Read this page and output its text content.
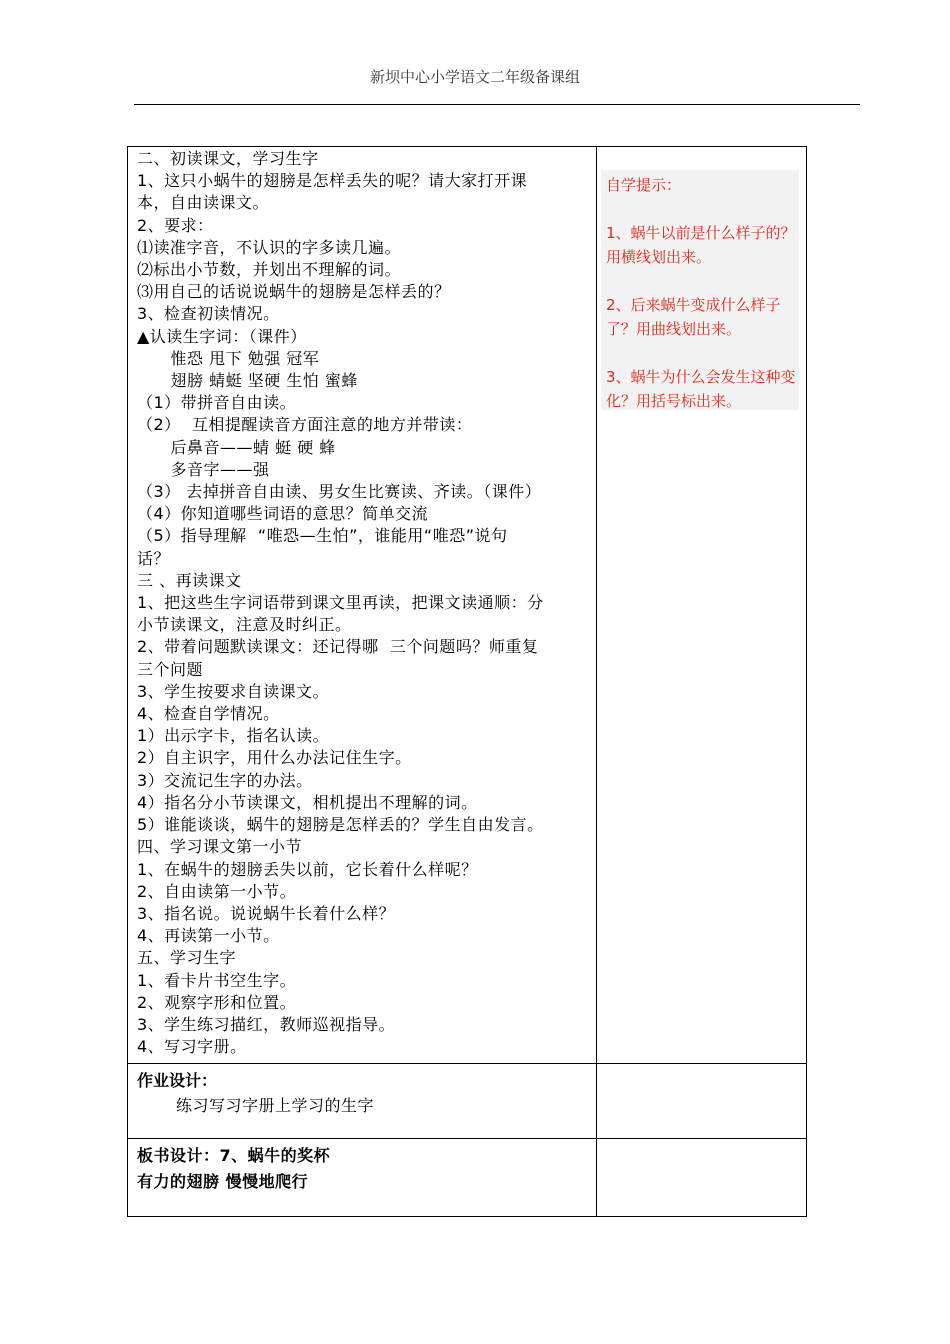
新坝中心小学语文二年级备课组

二、初读课文，学习生字

1、这只小蜗牛的翅膀是怎样丢失的呢？请大家打开课

本，自由读课文。

2、要求：

⑴读准字音，不认识的字多读几遍。

⑵标出小节数，并划出不理解的词。

⑶用自己的话说说蜗牛的翅膀是怎样丢的？

3、检查初读情况。

▲认读生字词：（课件）

惟恐 甩下 勉强 冠军

翅膀 蜻蜓 坚硬 生怕 蜜蜂

（1）带拼音自由读。

（2）  互相提醒读音方面注意的地方并带读：

后鼻音——蜻 蜓 硬 蜂

多音字——强

（3） 去掉拼音自由读、男女生比赛读、齐读。（课件）

（4）你知道哪些词语的意思？简单交流

（5）指导理解  “唯恐—生怕”，谁能用“唯恐”说句

话？

三 、再读课文

1、把这些生字词语带到课文里再读，把课文读通顺：分

小节读课文，注意及时纠正。

2、带着问题默读课文：还记得哪  三个问题吗？师重复

三个问题

3、学生按要求自读课文。

4、检查自学情况。

1）出示字卡，指名认读。

2）自主识字，用什么办法记住生字。

3）交流记生字的办法。

4）指名分小节读课文，相机提出不理解的词。

5）谁能谈谈，蜗牛的翅膀是怎样丢的？学生自由发言。

四、学习课文第一小节

1、在蜗牛的翅膀丢失以前，它长着什么样呢？

2、自由读第一小节。

3、指名说。说说蜗牛长着什么样？

4、再读第一小节。

五、学习生字

1、看卡片书空生字。

2、观察字形和位置。

3、学生练习描红，教师巡视指导。

4、写习字册。

自学提示：

1、蜗牛以前是什么样子的？用横线划出来。

2、后来蜗牛变成什么样子了？用曲线划出来。

3、蜗牛为什么会发生这种变化？用括号标出来。

作业设计：
练习写习字册上学习的生字
板书设计：7、蜗牛的奖杯
有力的翅膀 慢慢地爬行
